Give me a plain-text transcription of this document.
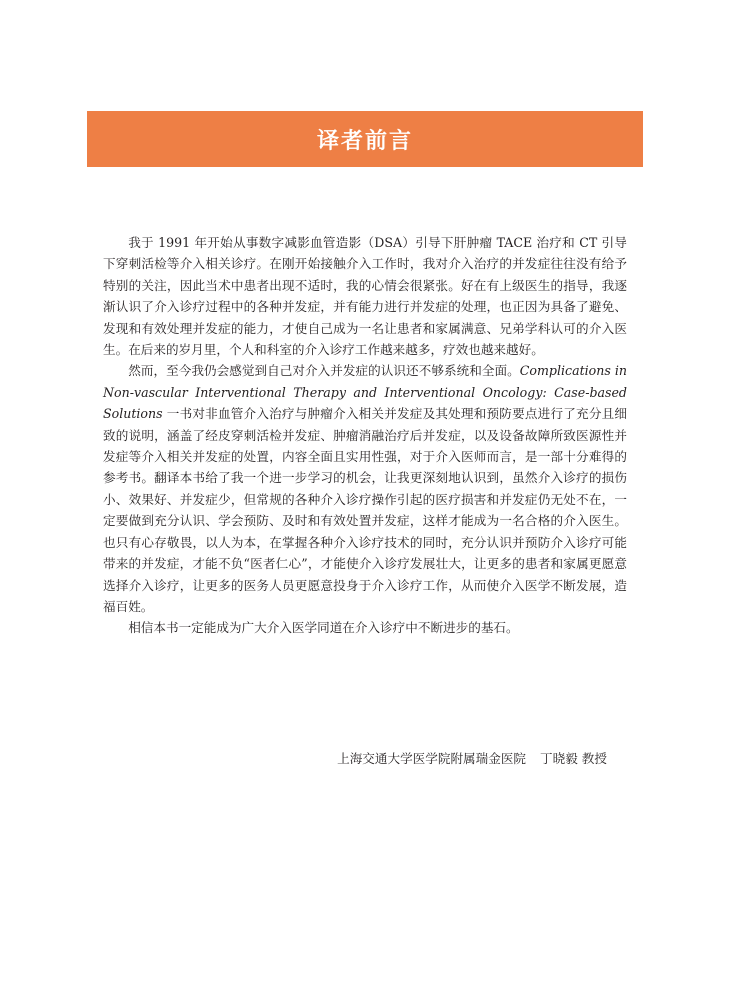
译者前言

我于 1991 年开始从事数字减影血管造影（DSA）引导下肝肿瘤 TACE 治疗和 CT 引导下穿刺活检等介入相关诊疗。在刚开始接触介入工作时，我对介入治疗的并发症往往没有给予特别的关注，因此当术中患者出现不适时，我的心情会很紧张。好在有上级医生的指导，我逐渐认识了介入诊疗过程中的各种并发症，并有能力进行并发症的处理，也正因为具备了避免、发现和有效处理并发症的能力，才使自己成为一名让患者和家属满意、兄弟学科认可的介入医生。在后来的岁月里，个人和科室的介入诊疗工作越来越多，疗效也越来越好。

然而，至今我仍会感觉到自己对介入并发症的认识还不够系统和全面。Complications in Non-vascular Interventional Therapy and Interventional Oncology: Case-based Solutions 一书对非血管介入治疗与肿瘤介入相关并发症及其处理和预防要点进行了充分且细致的说明，涵盖了经皮穿刺活检并发症、肿瘤消融治疗后并发症，以及设备故障所致医源性并发症等介入相关并发症的处置，内容全面且实用性强，对于介入医师而言，是一部十分难得的参考书。翻译本书给了我一个进一步学习的机会，让我更深刻地认识到，虽然介入诊疗的损伤小、效果好、并发症少，但常规的各种介入诊疗操作引起的医疗损害和并发症仍无处不在，一定要做到充分认识、学会预防、及时和有效处置并发症，这样才能成为一名合格的介入医生。也只有心存敬畏，以人为本，在掌握各种介入诊疗技术的同时，充分认识并预防介入诊疗可能带来的并发症，才能不负“医者仁心”，才能使介入诊疗发展壮大，让更多的患者和家属更愿意选择介入诊疗，让更多的医务人员更愿意投身于介入诊疗工作，从而使介入医学不断发展，造福百姓。

相信本书一定能成为广大介入医学同道在介入诊疗中不断进步的基石。

上海交通大学医学院附属瑞金医院 丁晓毅 教授
